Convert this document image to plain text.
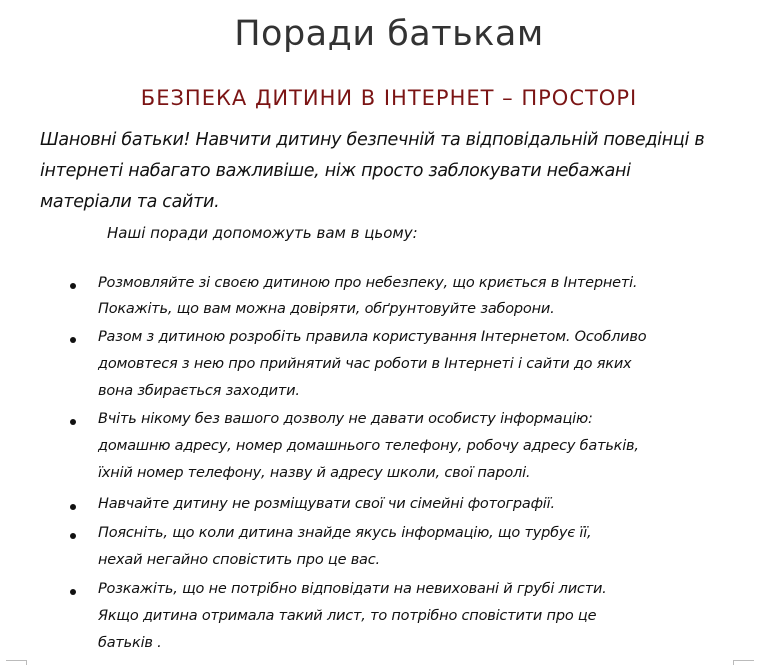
Поради батькам
БЕЗПЕКА ДИТИНИ В ІНТЕРНЕТ – ПРОСТОРІ
Шановні батьки! Навчити дитину безпечній та відповідальній поведінці в
інтернеті набагато важливіше, ніж просто заблокувати небажані
матеріали та сайти.
Наші поради допоможуть вам в цьому:
Розмовляйте зі своєю дитиною про небезпеку, що криється в Інтернеті.
Покажіть, що вам можна довіряти, обґрунтовуйте заборони.
Разом з дитиною розробіть правила користування Інтернетом. Особливо
домовтеся з нею про прийнятий час роботи в Інтернеті і сайти до яких
вона збирається заходити.
Вчіть нікому без вашого дозволу не давати особисту інформацію:
домашню адресу, номер домашнього телефону, робочу адресу батьків,
їхній номер телефону, назву й адресу школи, свої паролі.
Навчайте дитину не розміщувати свої чи сімейні фотографії.
Поясніть, що коли дитина знайде якусь інформацію, що турбує її,
нехай негайно сповістить про це вас.
Розкажіть, що не потрібно відповідати на невиховані й грубі листи.
Якщо дитина отримала такий лист, то потрібно сповістити про це
батьків .
